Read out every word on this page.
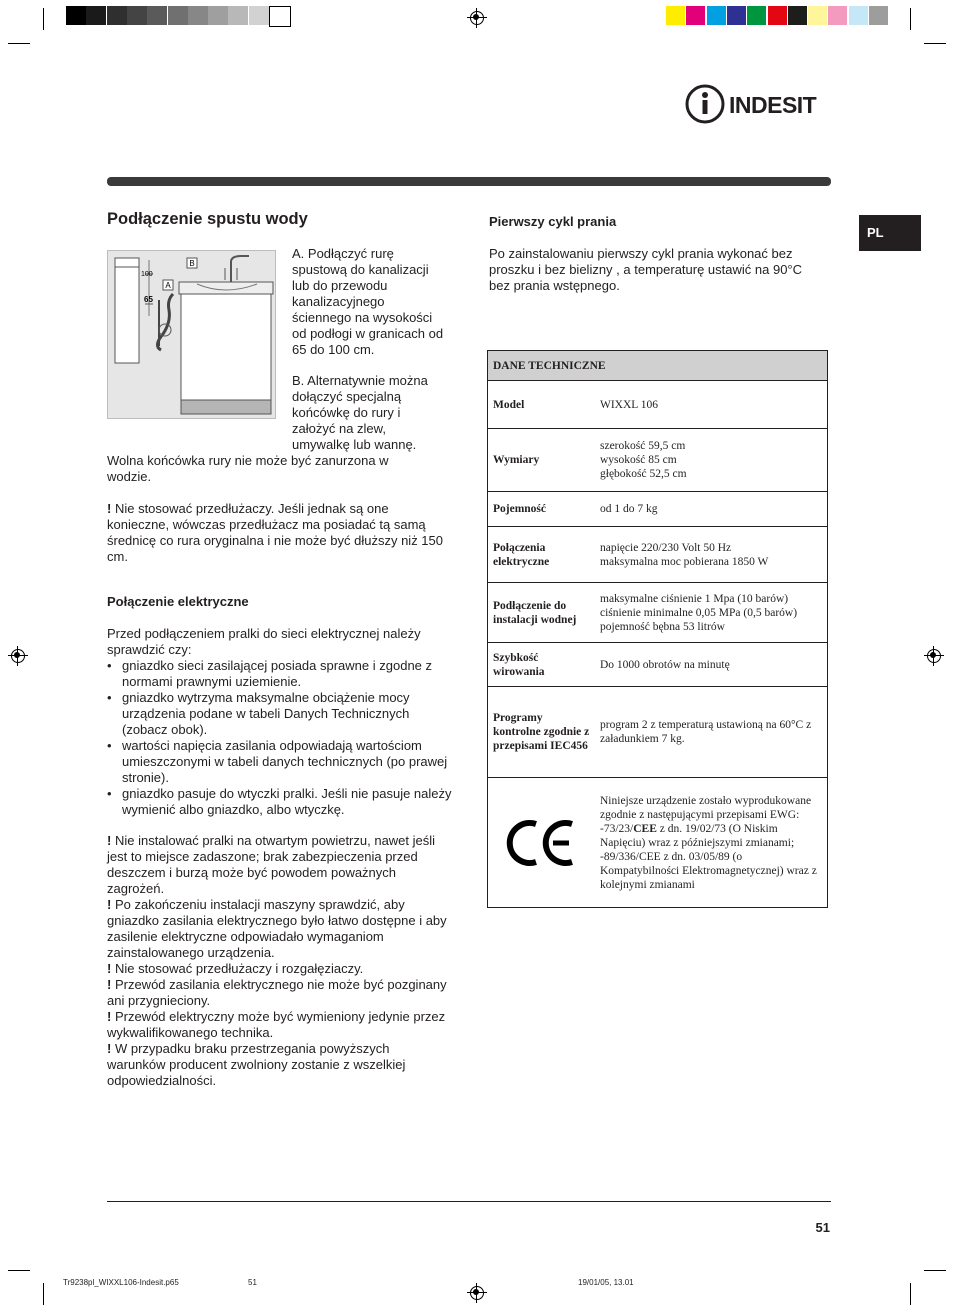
INDESIT
PL
Podłączenie spustu wody
A
B
100
65
A. Podłączyć rurę spustową do kanalizacji lub do przewodu kanalizacyjnego ściennego na wysokości od podłogi w granicach od 65 do 100 cm.
B. Alternatywnie można dołączyć specjalną końcówkę do rury i założyć na zlew, umywalkę lub wannę.
Wolna końcówka rury nie może być zanurzona w wodzie.
! Nie stosować przedłużaczy. Jeśli jednak są one konieczne, wówczas przedłużacz ma posiadać tą samą średnicę co rura oryginalna i nie może być dłuższy niż 150 cm.
Połączenie elektryczne
Przed podłączeniem pralki do sieci elektrycznej należy sprawdzić czy:
• gniazdko sieci zasilającej posiada sprawne i zgodne z normami prawnymi uziemienie.
• gniazdko wytrzyma maksymalne obciążenie mocy urządzenia podane w tabeli Danych Technicznych (zobacz obok).
• wartości napięcia zasilania odpowiadają wartościom umieszczonymi w tabeli danych technicznych (po prawej stronie).
• gniazdko pasuje do wtyczki pralki. Jeśli nie pasuje należy wymienić albo gniazdko, albo wtyczkę.

! Nie instalować pralki na otwartym powietrzu, nawet jeśli jest to miejsce zadaszone; brak zabezpieczenia przed deszczem i burzą może być powodem poważnych zagrożeń.

! Po zakończeniu instalacji maszyny sprawdzić, aby gniazdko zasilania elektrycznego było łatwo dostępne i aby zasilenie elektryczne odpowiadało wymaganiom zainstalowanego urządzenia.

! Nie stosować przedłużaczy i rozgałęziaczy.

! Przewód zasilania elektrycznego nie może być pozginany ani przygnieciony.

! Przewód elektryczny może być wymieniony jedynie przez wykwalifikowanego technika.

! W przypadku braku przestrzegania powyższych warunków producent zwolniony zostanie z wszelkiej odpowiedzialności.

Pierwszy cykl prania
Po zainstalowaniu pierwszy cykl prania wykonać bez proszku i bez bielizny , a temperaturę ustawić na 90°C bez prania wstępnego.
DANE TECHNICZNE	
Model	WIXXL 106

Wymiary	szerokość 59,5 cm
wysokość 85 cm
głębokość 52,5 cm

Pojemność	od 1 do 7 kg

Połączenia elektryczne	napięcie 220/230 Volt 50 Hz
maksymalna moc pobierana 1850 W

Podłączenie do instalacji wodnej	maksymalne ciśnienie 1 Mpa (10 barów)
ciśnienie minimalne 0,05 MPa (0,5 barów)
pojemność bębna 53 litrów

Szybkość wirowania	Do 1000 obrotów na minutę

Programy kontrolne zgodnie z przepisami IEC456	program 2 z temperaturą ustawioną na 60°C z załadunkiem 7 kg.

CE	Niniejsze urządzenie zostało wyprodukowane zgodnie z następującymi przepisami EWG:
-73/23/CEE z dn. 19/02/73 (O Niskim Napięciu) wraz z późniejszymi zmianami;
-89/336/CEE z dn. 03/05/89 (o Kompatybilności Elektromagnetycznej) wraz z kolejnymi zmianami
51
Tr9238pl_WIXXL106-Indesit.p65	51	19/01/05, 13.01
